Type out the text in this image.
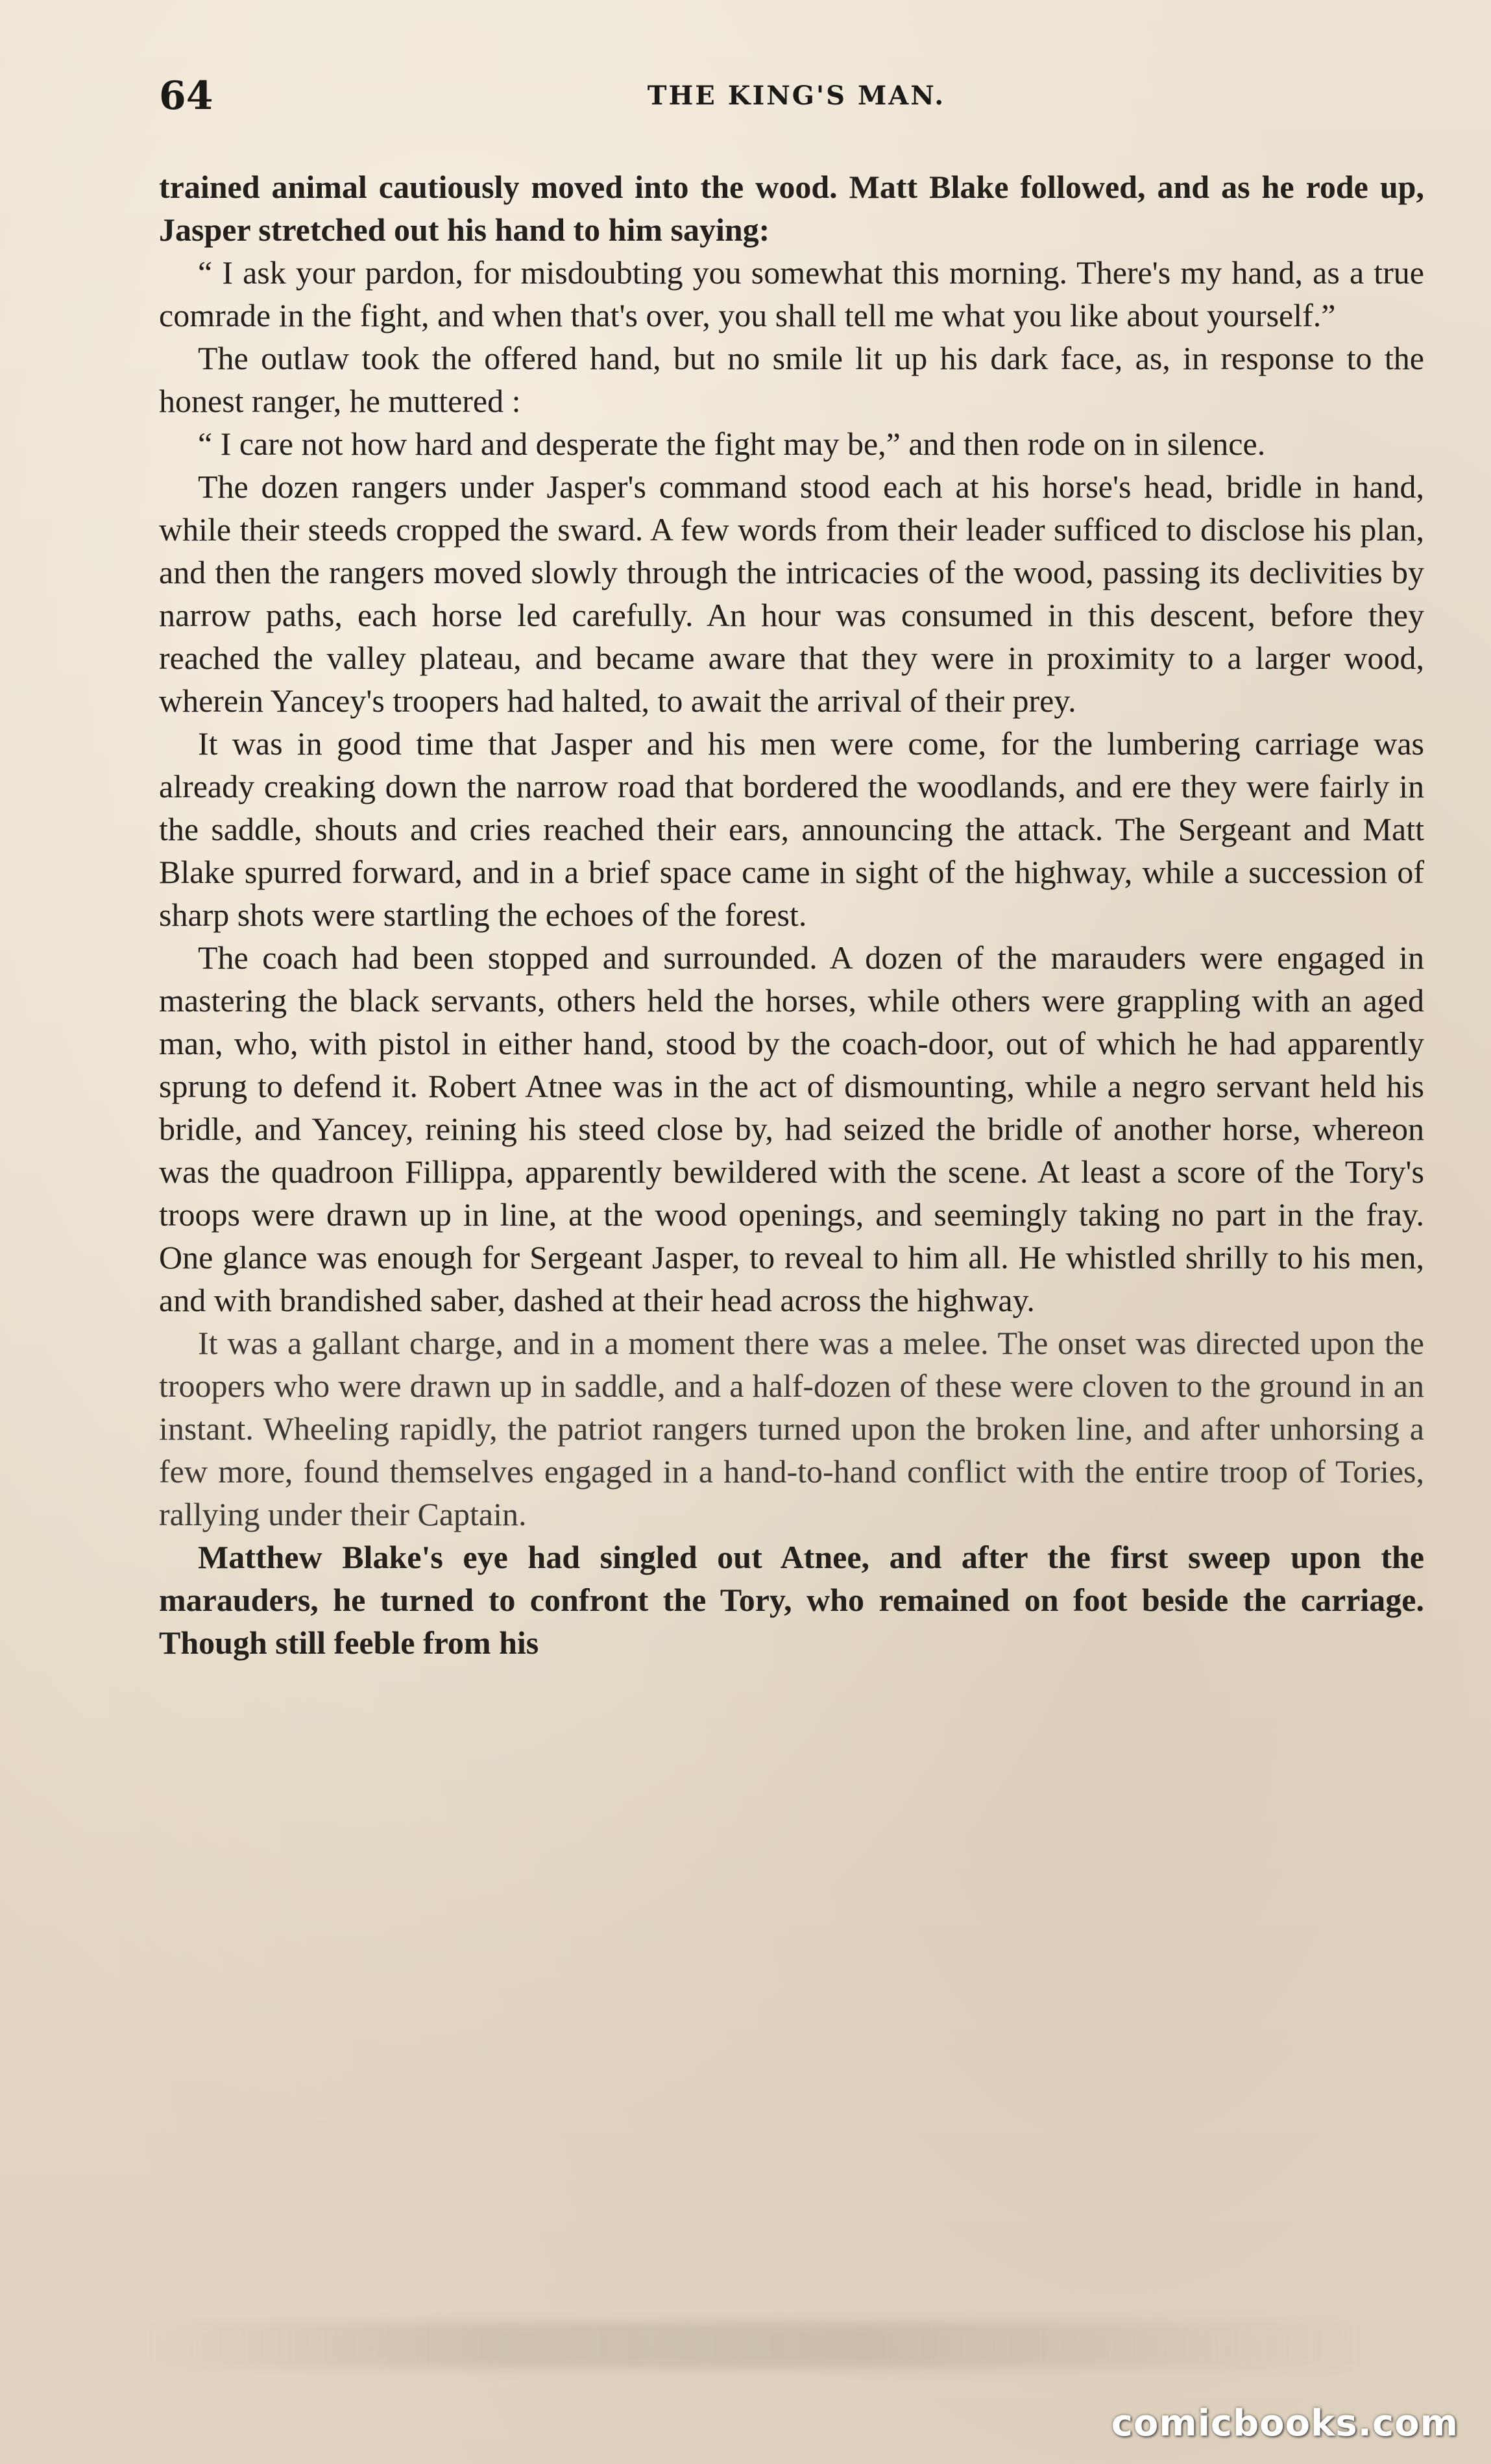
64	THE KING'S MAN.

trained animal cautiously moved into the wood. Matt Blake followed, and as he rode up, Jasper stretched out his hand to him saying:

“ I ask your pardon, for misdoubting you somewhat this morning. There's my hand, as a true comrade in the fight, and when that's over, you shall tell me what you like about yourself.”

The outlaw took the offered hand, but no smile lit up his dark face, as, in response to the honest ranger, he muttered :

“ I care not how hard and desperate the fight may be,” and then rode on in silence.

The dozen rangers under Jasper's command stood each at his horse's head, bridle in hand, while their steeds cropped the sward. A few words from their leader sufficed to disclose his plan, and then the rangers moved slowly through the intricacies of the wood, passing its declivities by narrow paths, each horse led carefully. An hour was consumed in this descent, before they reached the valley plateau, and became aware that they were in proximity to a larger wood, wherein Yancey's troopers had halted, to await the arrival of their prey.

It was in good time that Jasper and his men were come, for the lumbering carriage was already creaking down the narrow road that bordered the woodlands, and ere they were fairly in the saddle, shouts and cries reached their ears, announcing the attack. The Sergeant and Matt Blake spurred forward, and in a brief space came in sight of the highway, while a succession of sharp shots were startling the echoes of the forest.

The coach had been stopped and surrounded. A dozen of the marauders were engaged in mastering the black servants, others held the horses, while others were grappling with an aged man, who, with pistol in either hand, stood by the coach-door, out of which he had apparently sprung to defend it. Robert Atnee was in the act of dismounting, while a negro servant held his bridle, and Yancey, reining his steed close by, had seized the bridle of another horse, whereon was the quadroon Fillippa, apparently bewildered with the scene. At least a score of the Tory's troops were drawn up in line, at the wood openings, and seemingly taking no part in the fray. One glance was enough for Sergeant Jasper, to reveal to him all. He whistled shrilly to his men, and with brandished saber, dashed at their head across the highway.

It was a gallant charge, and in a moment there was a melee. The onset was directed upon the troopers who were drawn up in saddle, and a half-dozen of these were cloven to the ground in an instant. Wheeling rapidly, the patriot rangers turned upon the broken line, and after unhorsing a few more, found themselves engaged in a hand-to-hand conflict with the entire troop of Tories, rallying under their Captain.

Matthew Blake's eye had singled out Atnee, and after the first sweep upon the marauders, he turned to confront the Tory, who remained on foot beside the carriage. Though still feeble from his

comicbooks.com
